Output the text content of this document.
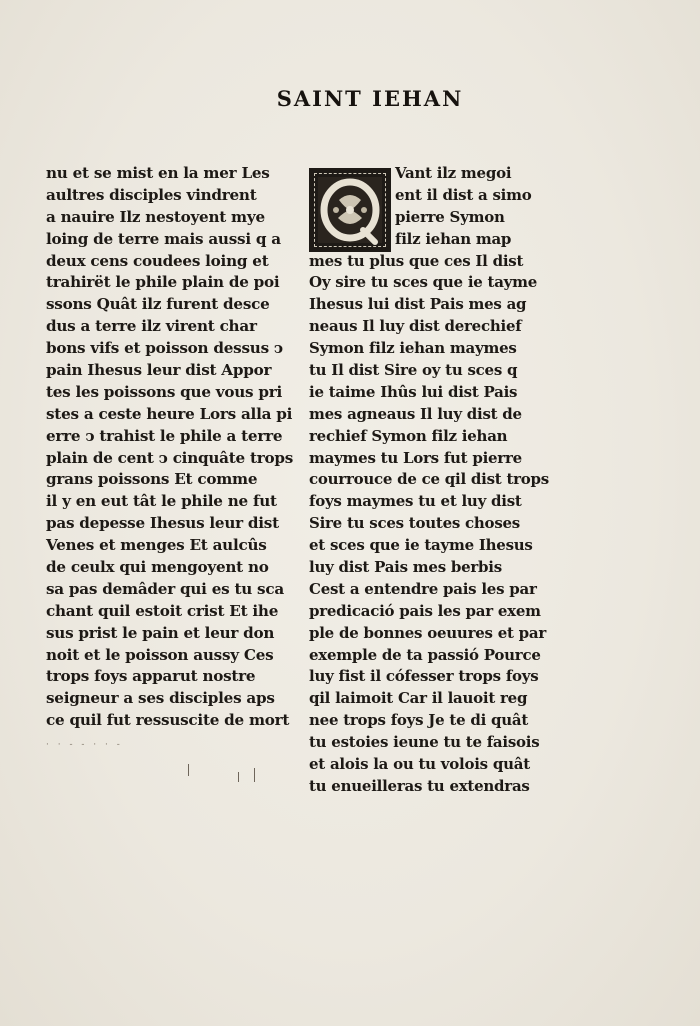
SAINT IEHAN
nu et se mist en la mer Les
aultres disciples vindrent
a nauire Ilz nestoyent mye
loing de terre mais aussi q a
deux cens coudees loing et
trahirët le phile plain de poi
ssons Quât ilz furent desce
dus a terre ilz virent char
bons vifs et poisson dessus ↄ
pain Ihesus leur dist Appor
tes les poissons que vous pri
stes a ceste heure Lors alla pi
erre ↄ trahist le phile a terre
plain de cent ↄ cinquâte trops
grans poissons Et comme
il y en eut tât le phile ne fut
pas depesse Ihesus leur dist
Venes et menges Et aulcûs
de ceulx qui mengoyent no
sa pas demâder qui es tu sca
chant quil estoit crist Et ihe
sus prist le pain et leur don
noit et le poisson aussy Ces
trops foys apparut nostre
seigneur a ses disciples aps
ce quil fut ressuscite de mort
Vant ilz megoi
ent il dist a simo
pierre Symon
filz iehan map
mes tu plus que ces Il dist
Oy sire tu sces que ie tayme
Ihesus lui dist Pais mes ag
neaus Il luy dist derechief
Symon filz iehan maymes
tu Il dist Sire oy tu sces q
ie taime Ihûs lui dist Pais
mes agneaus Il luy dist de
rechief Symon filz iehan
maymes tu Lors fut pierre
courrouce de ce qil dist trops
foys maymes tu et luy dist
Sire tu sces toutes choses
et sces que ie tayme Ihesus
luy dist Pais mes berbis
Cest a entendre pais les par
predicació pais les par exem
ple de bonnes oeuures et par
exemple de ta passió Pource
luy fist il cófesser trops foys
qil laimoit Car il lauoit reg
nee trops foys Je te di quât
tu estoies ieune tu te faisois
et alois la ou tu volois quât
tu enueilleras tu extendras
· · - - · · -
